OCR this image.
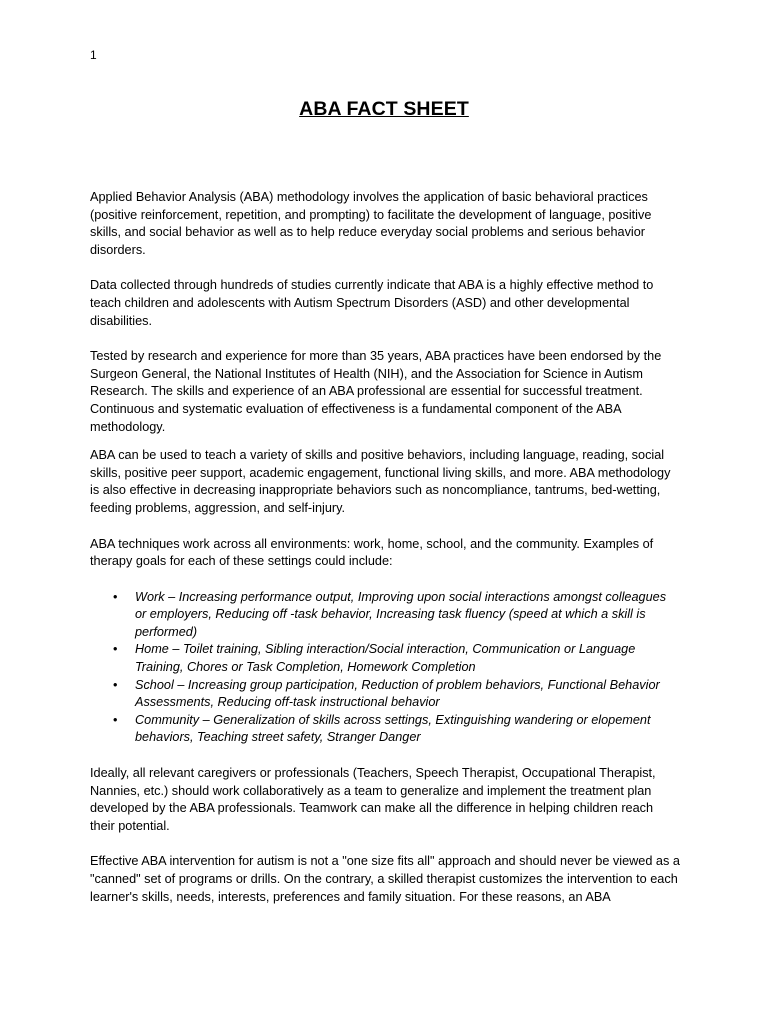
1
ABA FACT SHEET

Applied Behavior Analysis (ABA) methodology involves the application of basic behavioral practices (positive reinforcement, repetition, and prompting) to facilitate the development of language, positive skills, and social behavior as well as to help reduce everyday social problems and serious behavior disorders.

Data collected through hundreds of studies currently indicate that ABA is a highly effective method to teach children and adolescents with Autism Spectrum Disorders (ASD) and other developmental disabilities.

Tested by research and experience for more than 35 years, ABA practices have been endorsed by the Surgeon General, the National Institutes of Health (NIH), and the Association for Science in Autism Research. The skills and experience of an ABA professional are essential for successful treatment. Continuous and systematic evaluation of effectiveness is a fundamental component of the ABA methodology.

ABA can be used to teach a variety of skills and positive behaviors, including language, reading, social skills, positive peer support, academic engagement, functional living skills, and more. ABA methodology is also effective in decreasing inappropriate behaviors such as noncompliance, tantrums, bed-wetting, feeding problems, aggression, and self-injury.

ABA techniques work across all environments: work, home, school, and the community. Examples of therapy goals for each of these settings could include:

• Work – Increasing performance output, Improving upon social interactions amongst colleagues or employers, Reducing off -task behavior, Increasing task fluency (speed at which a skill is performed)
• Home – Toilet training, Sibling interaction/Social interaction, Communication or Language Training, Chores or Task Completion, Homework Completion
• School – Increasing group participation, Reduction of problem behaviors, Functional Behavior Assessments, Reducing off-task instructional behavior
• Community – Generalization of skills across settings, Extinguishing wandering or elopement behaviors, Teaching street safety, Stranger Danger

Ideally, all relevant caregivers or professionals (Teachers, Speech Therapist, Occupational Therapist, Nannies, etc.) should work collaboratively as a team to generalize and implement the treatment plan developed by the ABA professionals. Teamwork can make all the difference in helping children reach their potential.

Effective ABA intervention for autism is not a "one size fits all" approach and should never be viewed as a "canned" set of programs or drills. On the contrary, a skilled therapist customizes the intervention to each learner's skills, needs, interests, preferences and family situation. For these reasons, an ABA
